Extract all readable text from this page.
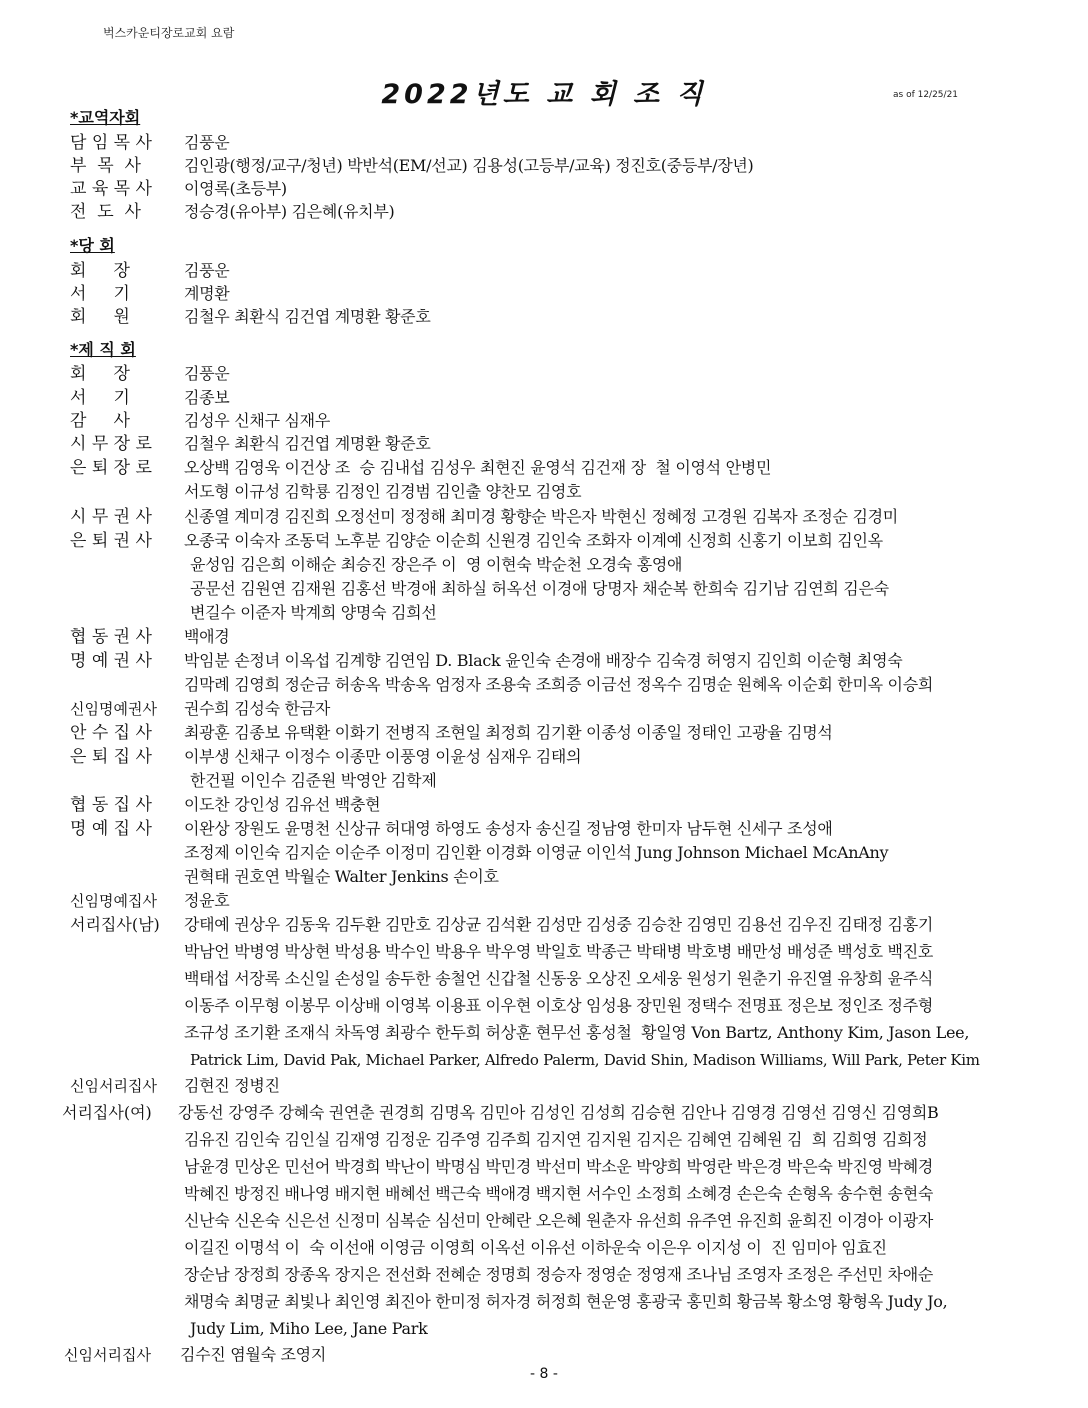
벅스카운티장로교회 요람
2022년도 교 회 조 직	as of 12/25/21
*교역자회
담 임 목 사	김풍운
부  목  사	김인광(행정/교구/청년) 박반석(EM/선교) 김용성(고등부/교육) 정진호(중등부/장년)
교 육 목 사	이영록(초등부)
전  도  사	정승경(유아부) 김은혜(유치부)
*당 회
회     장	김풍운
서     기	계명환
회     원	김철우 최환식 김건엽 계명환 황준호
*제 직 회
회     장	김풍운
서     기	김종보
감     사	김성우 신채구 심재우
시 무 장 로	김철우 최환식 김건엽 계명환 황준호
은 퇴 장 로	오상백 김영욱 이건상 조  승 김내섭 김성우 최현진 윤영석 김건재 장  철 이영석 안병민
서도형 이규성 김학룡 김정인 김경범 김인출 양찬모 김영호
시 무 권 사	신종열 계미경 김진희 오정선미 정정해 최미경 황향순 박은자 박현신 정혜정 고경원 김복자 조정순 김경미
은 퇴 권 사	오종국 이숙자 조동덕 노후분 김양순 이순희 신원경 김인숙 조화자 이계예 신정희 신홍기 이보희 김인옥
윤성임 김은희 이해순 최승진 장은주 이  영 이현숙 박순천 오경숙 홍영애
공문선 김원연 김재원 김홍선 박경애 최하실 허옥선 이경애 당명자 채순복 한희숙 김기남 김연희 김은숙
변길수 이준자 박계희 양명숙 김희선
협 동 권 사	백애경
명 예 권 사	박임분 손정녀 이옥섭 김계향 김연임 D. Black 윤인숙 손경애 배장수 김숙경 허영지 김인희 이순형 최영숙
김막례 김영희 정순금 허송옥 박송옥 엄정자 조용숙 조희증 이금선 정옥수 김명순 원혜옥 이순회 한미옥 이승희
신임명예권사	권수희 김성숙 한금자
안 수 집 사	최광훈 김종보 유택환 이화기 전병직 조현일 최정희 김기환 이종성 이종일 정태인 고광율 김명석
은 퇴 집 사	이부생 신채구 이정수 이종만 이풍영 이윤성 심재우 김태의
한건필 이인수 김준원 박영안 김학제
협 동 집 사	이도찬 강인성 김유선 백충현
명 예 집 사	이완상 장원도 윤명천 신상규 허대영 하영도 송성자 송신길 정남영 한미자 남두현 신세구 조성애
조정제 이인숙 김지순 이순주 이정미 김인환 이경화 이영균 이인석 Jung Johnson Michael McAnAny
권혁태 권호연 박월순 Walter Jenkins 손이호
신임명예집사	정윤호
서리집사(남)	강태예 권상우 김동욱 김두환 김만호 김상균 김석환 김성만 김성중 김승찬 김영민 김용선 김우진 김태정 김홍기
박남언 박병영 박상현 박성용 박수인 박용우 박우영 박일호 박종근 박태병 박호병 배만성 배성준 백성호 백진호
백태섭 서장록 소신일 손성일 송두한 송철언 신갑철 신동웅 오상진 오세웅 원성기 원춘기 유진열 유창희 윤주식
이동주 이무형 이봉무 이상배 이영복 이용표 이우현 이호상 임성용 장민원 정택수 전명표 정은보 정인조 정주형
조규성 조기환 조재식 차독영 최광수 한두희 허상훈 현무선 홍성철  황일영 Von Bartz, Anthony Kim, Jason Lee,
Patrick Lim, David Pak, Michael Parker, Alfredo Palerm, David Shin, Madison Williams, Will Park, Peter Kim
신임서리집사	김현진 정병진
서리집사(여)	강동선 강영주 강혜숙 권연춘 권경희 김명옥 김민아 김성인 김성희 김승현 김안나 김영경 김영선 김영신 김영희B
김유진 김인숙 김인실 김재영 김정운 김주영 김주희 김지연 김지원 김지은 김혜연 김혜원 김  희 김희영 김희정
남윤경 민상온 민선어 박경희 박난이 박명심 박민경 박선미 박소운 박양희 박영란 박은경 박은숙 박진영 박혜경
박혜진 방정진 배나영 배지현 배혜선 백근숙 백애경 백지현 서수인 소정희 소혜경 손은숙 손형옥 송수현 송현숙
신난숙 신온숙 신은선 신정미 심복순 심선미 안혜란 오은혜 원춘자 유선희 유주연 유진희 윤희진 이경아 이광자
이길진 이명석 이  숙 이선애 이영금 이영희 이옥선 이유선 이하운숙 이은우 이지성 이  진 임미아 임효진
장순남 장정희 장종옥 장지은 전선화 전혜순 정명희 정승자 정영순 정영재 조나님 조영자 조정은 주선민 차애순
채명숙 최명균 최빛나 최인영 최진아 한미정 허자경 허정희 현운영 홍광국 홍민희 황금복 황소영 황형옥 Judy Jo,
Judy Lim, Miho Lee, Jane Park
신임서리집사	김수진 염월숙 조영지
- 8 -
